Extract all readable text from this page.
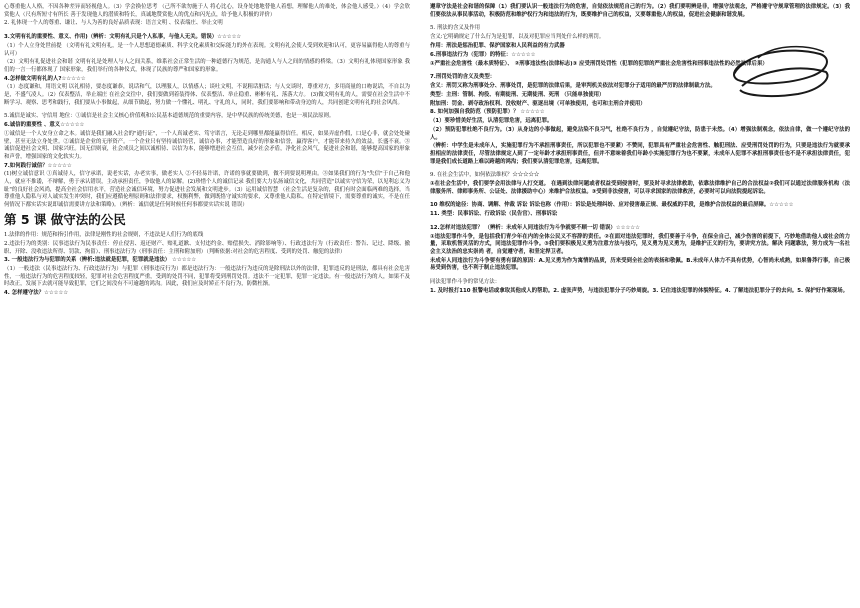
心尊重他人人格，不因各种差异而轻视他人。（3）学会换位思考 （己所不欲勿施于人 将心比心，设身处地地替他人着想，理解他人的难处，体会他人感受。）（4）学会欣赏他人（尺有所短寸有所长 善于发现他人的潜质和特长，真诚地赞赏他人的优点和闪光点，给予他人积极的评价）

2. 礼体现一个人的尊重、谦让、与人为善的良好品质表现：语言文明 、仪表端庄、举止文明

3.文明有礼的重要性、意义、作用)（辨析：文明有礼只是个人私事，与他人无关。错误）☆☆☆☆☆

（1）个人立身处世前提 （文明有礼文明有礼，是一个人思想道德素质、科学文化素质和交际能力的外在表现。文明有礼会使人受到欢迎和认可，更容易赢得他人的尊重与认可）

（2）文明有礼促进社会和谐 文明有礼是处理人与人之间关系，维系社会正常生活的一种道德行为规范，是沟通人与人之间的情感的桥梁。（3）文明有礼体现国家形象 我们的一言一行都体现了 国家形象，我们举行的各种仪式，体现了民族的尊严和国家的形象。

4.怎样做文明有礼的人?☆☆☆☆☆

（1）态度谦和，用语文明 以礼相待，要态度谦恭，说话和气，以理服人，以情感人；谈吐文明，不说粗话脏话；与人交谈时，尊重对方，多用商量的口吻说话，不自以为是，不盛气凌人。（2）仪表整洁，举止端庄 在社会交往中，我们要做到着装得体、仪表整洁、举止稳重、彬彬有礼、落落大方。 (3)做文明有礼的人，需要在社会生活中不断学习、观察、思考和践行，我们要从小事做起，从细节做起，努力做一个懂礼、明礼、守礼的人，同时，我们要影响和带动身边的人，共同创建文明有礼的社会风尚。

5.诚信是诚实、守信用 地位：①诚信是社会主义核心价值观和公民基本道德规范的重要内容，是中华民族的传统美德，也是一项民法原则。

6.诚信的重要性 、意义☆☆☆☆☆

①诚信是一个人安身立命之本。诚信是我们融入社会的"通行证"，一个人真诚老实、笃守诺言，无论走到哪里都能赢得信任。相反，如果弄虚作假，口是心非，就会处处碰壁，甚至无法立身处世。②诚信是企业的无形资产。一个企业只有坚持诚信经营，诚信办事，才能塑造良好的形象和信誉，赢得客户，才能带来持久的效益，长盛不衰。③诚信促进社会文明、国家兴旺。国无信则衰，社会成员之间以诚相待、以信为本，能够增进社会互信，减少社会矛盾，净化社会风气，促进社会和谐，能够提高国家的形象和声誉，增强国家的文化软实力。

7.如何践行诚信？☆☆☆☆☆

(1)树立诚信意识 ①真诚待人，信守承诺，说老实话，办老实事，做老实人 ②不轻易许诺，许诺的事就要做到，做不到要说明理由。③如果我们的行为"失信"于自己和他人，就应不推诿，不辩解，勇于承认错误，主动承担责任，争取他人的谅解。(2)珍惜个人的诚信记录 我们要大力弘扬诚信文化，共同营造"以诚实守信为荣，以见利忘义为耻"的良好社会风尚，提高全社会信用水平，营造社会诚信环境，努力促进社会发展和文明进步。（3）运用诚信智慧 （社会生活是复杂的，我们有时会面临两难的选择，当尊重他人隐私与对人诚实发生冲突时，我们应遵循伦理原则和法律要求，权衡利弊，做到既恪守诚实的要求，又尊重他人隐私。在特定情境下，需要尊重的诚实，不是在任何情况下都实话实说即诚信需要讲方法和策略)。（辨析：诚信就是任何时候任何事都要实话实说 错误）

第 5 课 做守法的公民

1.法律的作用：规范和指引作用，法律是刚性的社会规则，不违法是人们行为的底线

2.违法行为的类别：民事违法行为民事责任：停止侵害、返还财产、赔礼道歉、支付违约金、赔偿损失、消除影响等）、行政违法行为（行政责任：警告、记过、降级、撤职、开除、没收违法所得、罚款、拘留）、刑事违法行为（刑事责任：主刑和附加刑）（判断依据:对社会的危害程度、受到的处罚、触犯的法律）

3. 一般违法行为与犯罪的关系（辨析:违法就是犯罪，犯罪就是违法） ☆☆☆☆☆

（1）一般违法（民事违法行为、行政违法行为）与犯罪（刑事违反行为）都是违法行为：一般违法行为违反的是除刑法以外的法律，犯罪违反的是刑法，都具有社会危害性，一般违法行为的危害程度较轻，犯罪对社会危害程度严重，受到的处罚不同，犯罪将受到刑罚处罚。违法不一定犯罪，犯罪一定违法。有一般违法行为的人，如果不及时改正，发展下去就可能导致犯罪，它们之间没有不可逾越的鸿沟。因此，我们应及时矫正不良行为，防微杜渐。

4. 怎样遵守法？☆☆☆☆☆

遵章守法是社会和谐的保障（1）我们要认识一般违法行为的危害，自觉依法规范自己的行为。（2）我们要明辨是非，增强守法观念，严格遵守守规章管理的法律规定。（3）我们要依法从事民事活动，积极防范和维护权行为和违法的行为，既要维护自己的权益，又要尊重他人的权益，促进社会健康和谐发展。

5. 刑法的含义及作用

含义:它明确规定了什么行为是犯罪，以及对犯罪应当判处什么样的刑罚。

作用：刑法是惩治犯罪、保护国家和人民利益的有力武器

6.刑事违法行为（犯罪）的特征：☆☆☆☆☆

①严重社会危害性（最本质特征）、 ②刑事违法性(法律标志)③ 应受刑罚处罚性（犯罪的犯罪的严重社会危害性和刑事违法性的必然法律后果）

7.刑罚处罚的含义及类型：

含义：刑罚又称为刑事处分、刑事处罚，是犯罪的法律后果，是审判机关依法对犯罪分子适用的最严厉的法律制裁方法。

类型：主刑：管制、拘役、有期徒刑、无期徒刑、死刑 （只能单独使用）

附加刑：罚金、剥夺政治权利、没收财产、驱逐出境（可单独使用，也可和主刑合并使用）

8. 如何加强自我防范（预防犯罪）？ ☆☆☆☆☆

（1）要珍惜美好生活，认清犯罪危害，远离犯罪。

（2）预防犯罪杜绝不良行为。（3）从身边的小事做起，避免沾染不良习气，杜绝不良行为 ，自觉遵纪守法，防患于未然。（4）增强法制观念，依法自律，做一个遵纪守法的人。

（辨析：中学生是未成年人，实施犯罪行为不承担刑事责任，所以犯罪也不要紧）不赞同，犯罪具有严重社会危害性、触犯刑法、应受刑罚处罚的行为，只要是违法行为就要承担相应的法律责任，尽管法律规定人到了一定年龄才承担刑事责任，但并不意味着我们年龄小实施犯罪行为也不要紧，未成年人犯罪不承担刑事责任也不是不承担法律责任，犯罪是我们成长道路上难以跨越的鸿沟；我们要认清犯罪危害，远离犯罪。

9. 在社会生活中，如何依法维权？☆☆☆☆☆

①在社会生活中，我们要学会用法律与人打交道。 在遇到法律问题或者权益受到侵害时，要及时寻求法律救助，依靠法律维护自己的合法权益②我们可以通过法律服务机构（法律服务所、律师事务所、公证处、法律援助中心）来维护合法权益。③受到非法侵害，可以寻求国家的法律救济，必要时可以向法院提起诉讼。

10 维权的途径：协商、调解、仲裁 诉讼 诉讼也称（作用）：诉讼是处理纠纷、应对侵害最正规、最权威的手段，是维护合法权益的最后屏障。☆☆☆☆☆

11. 类型：民事诉讼、行政诉讼（民告官）、刑事诉讼

12.怎样对违法犯罪？ （辨析：未成年人同违法行为斗争就要不顾一切 错误）☆☆☆☆☆

①违法犯罪作斗争，是包括我们青少年在内的全体公民义不容辞的责任。②在面对违法犯罪时，我们要善于斗争，在保全自己，减少伤害的前提下，巧妙地借助他人或社会的力量，采取机智灵活的方式，同违法犯罪作斗争。③我们要积极见义勇为注意方法与技巧，见义勇为见义勇为，是维护正义的行为，要讲究方法。解决 问题靠法，努力成为一名社会主义法治的忠实崇尚 者，自觉遵守者，和坚定捍卫者。

未成年人同违法行为斗争要有勇有谋的原因：A.见义勇为作为寓情的品质，历来受到全社会的表扬和敬佩。B.未成年人体力不具有优势，心智尚未成熟，如果鲁莽行事，自己极易受到伤害，也不利于制止违法犯罪。

同法犯罪作斗争的常见方法：

1. 及时报打110 报警电话或拿取其他成人的帮助。2. 虚张声势，与违法犯罪分子巧妙周旋。3. 记住违法犯罪的体貌特征。4. 了解违法犯罪分子的去向。5. 保护好作案现场。
